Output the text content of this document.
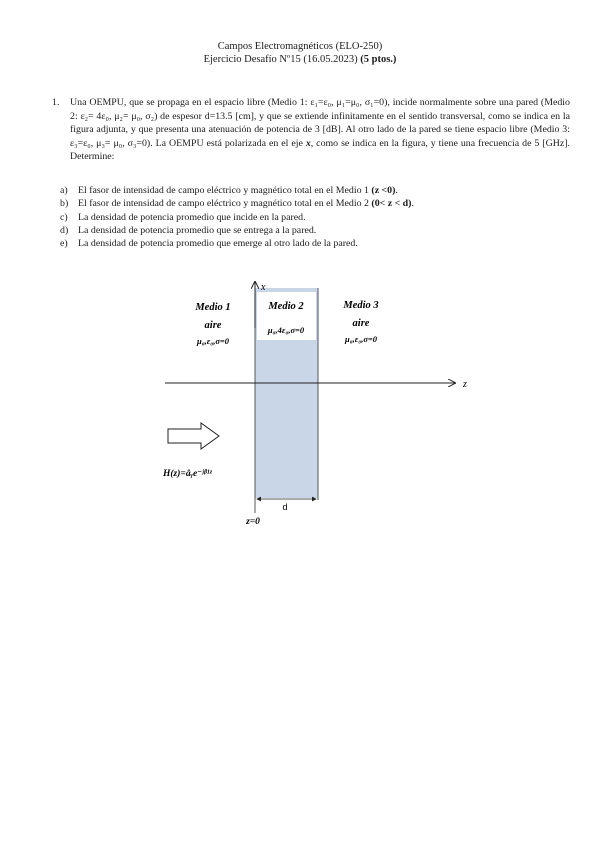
Campos Electromagnéticos (ELO-250)
Ejercicio Desafío Nº15 (16.05.2023) (5 ptos.)
1. Una OEMPU, que se propaga en el espacio libre (Medio 1: ε₁=ε₀, μ₁=μ₀, σ₁=0), incide normalmente sobre una pared (Medio 2: ε₂= 4ε₀, μ₂= μ₀, σ₂) de espesor d=13.5 [cm], y que se extiende infinitamente en el sentido transversal, como se indica en la figura adjunta, y que presenta una atenuación de potencia de 3 [dB]. Al otro lado de la pared se tiene espacio libre (Medio 3: ε₃=ε₀, μ₃= μ₀, σ₃=0). La OEMPU está polarizada en el eje x, como se indica en la figura, y tiene una frecuencia de 5 [GHz]. Determine:
a)	El fasor de intensidad de campo eléctrico y magnético total en el Medio 1 (z <0).
b) El fasor de intensidad de campo eléctrico y magnético total en el Medio 2 (0< z < d).
c)	La densidad de potencia promedio que incide en la pared.
d) La densidad de potencia promedio que se entrega a la pared.
e)	La densidad de potencia promedio que emerge al otro lado de la pared.
x
z
Medio 1
aire
μ₀,ε₀,σ=0
Medio 2
μ₀,4ε₀,σ=0
Medio 3
aire
μ₀,ε₀,σ=0
H(z)=âᵧe⁻ʲᵝ¹ᶻ
d
z=0
